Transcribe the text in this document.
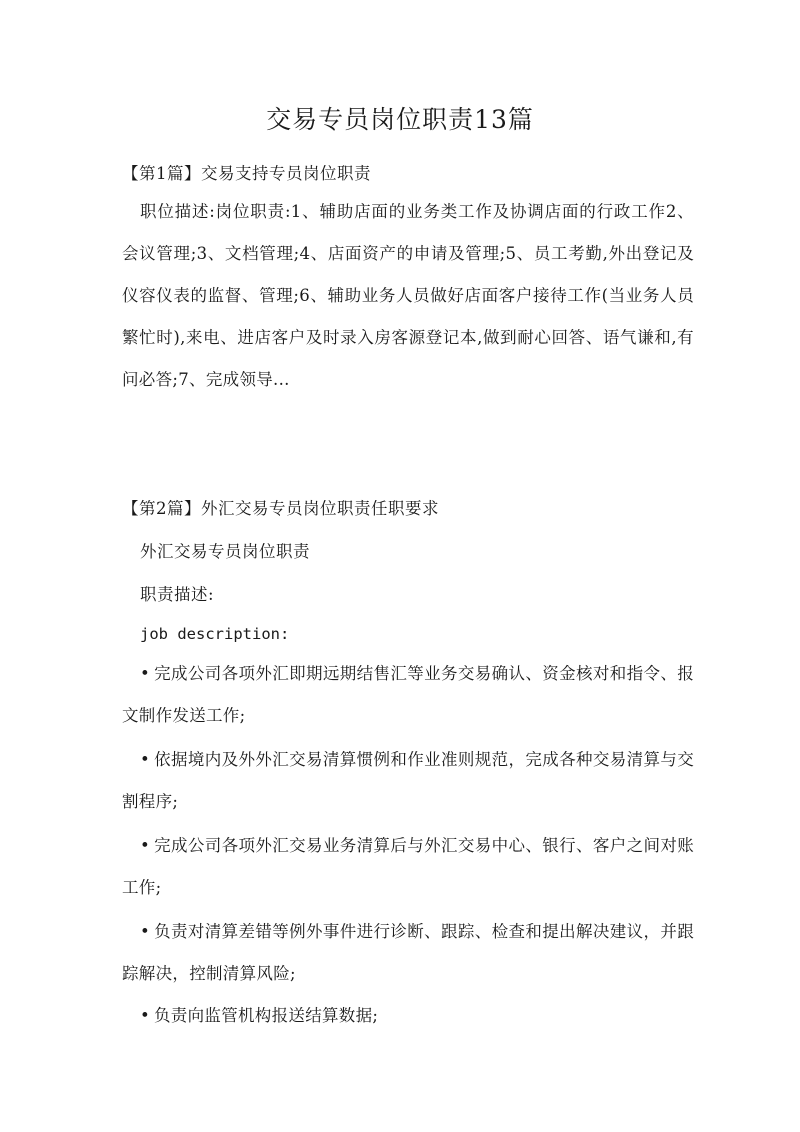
交易专员岗位职责13篇
【第1篇】交易支持专员岗位职责
职位描述:岗位职责:1、辅助店面的业务类工作及协调店面的行政工作2、会议管理;3、文档管理;4、店面资产的申请及管理;5、员工考勤,外出登记及仪容仪表的监督、管理;6、辅助业务人员做好店面客户接待工作(当业务人员繁忙时),来电、进店客户及时录入房客源登记本,做到耐心回答、语气谦和,有问必答;7、完成领导...
【第2篇】外汇交易专员岗位职责任职要求
外汇交易专员岗位职责
职责描述:
job description:
• 完成公司各项外汇即期远期结售汇等业务交易确认、资金核对和指令、报文制作发送工作;
• 依据境内及外外汇交易清算惯例和作业准则规范，完成各种交易清算与交割程序;
• 完成公司各项外汇交易业务清算后与外汇交易中心、银行、客户之间对账工作;
• 负责对清算差错等例外事件进行诊断、跟踪、检查和提出解决建议，并跟踪解决，控制清算风险;
• 负责向监管机构报送结算数据;
